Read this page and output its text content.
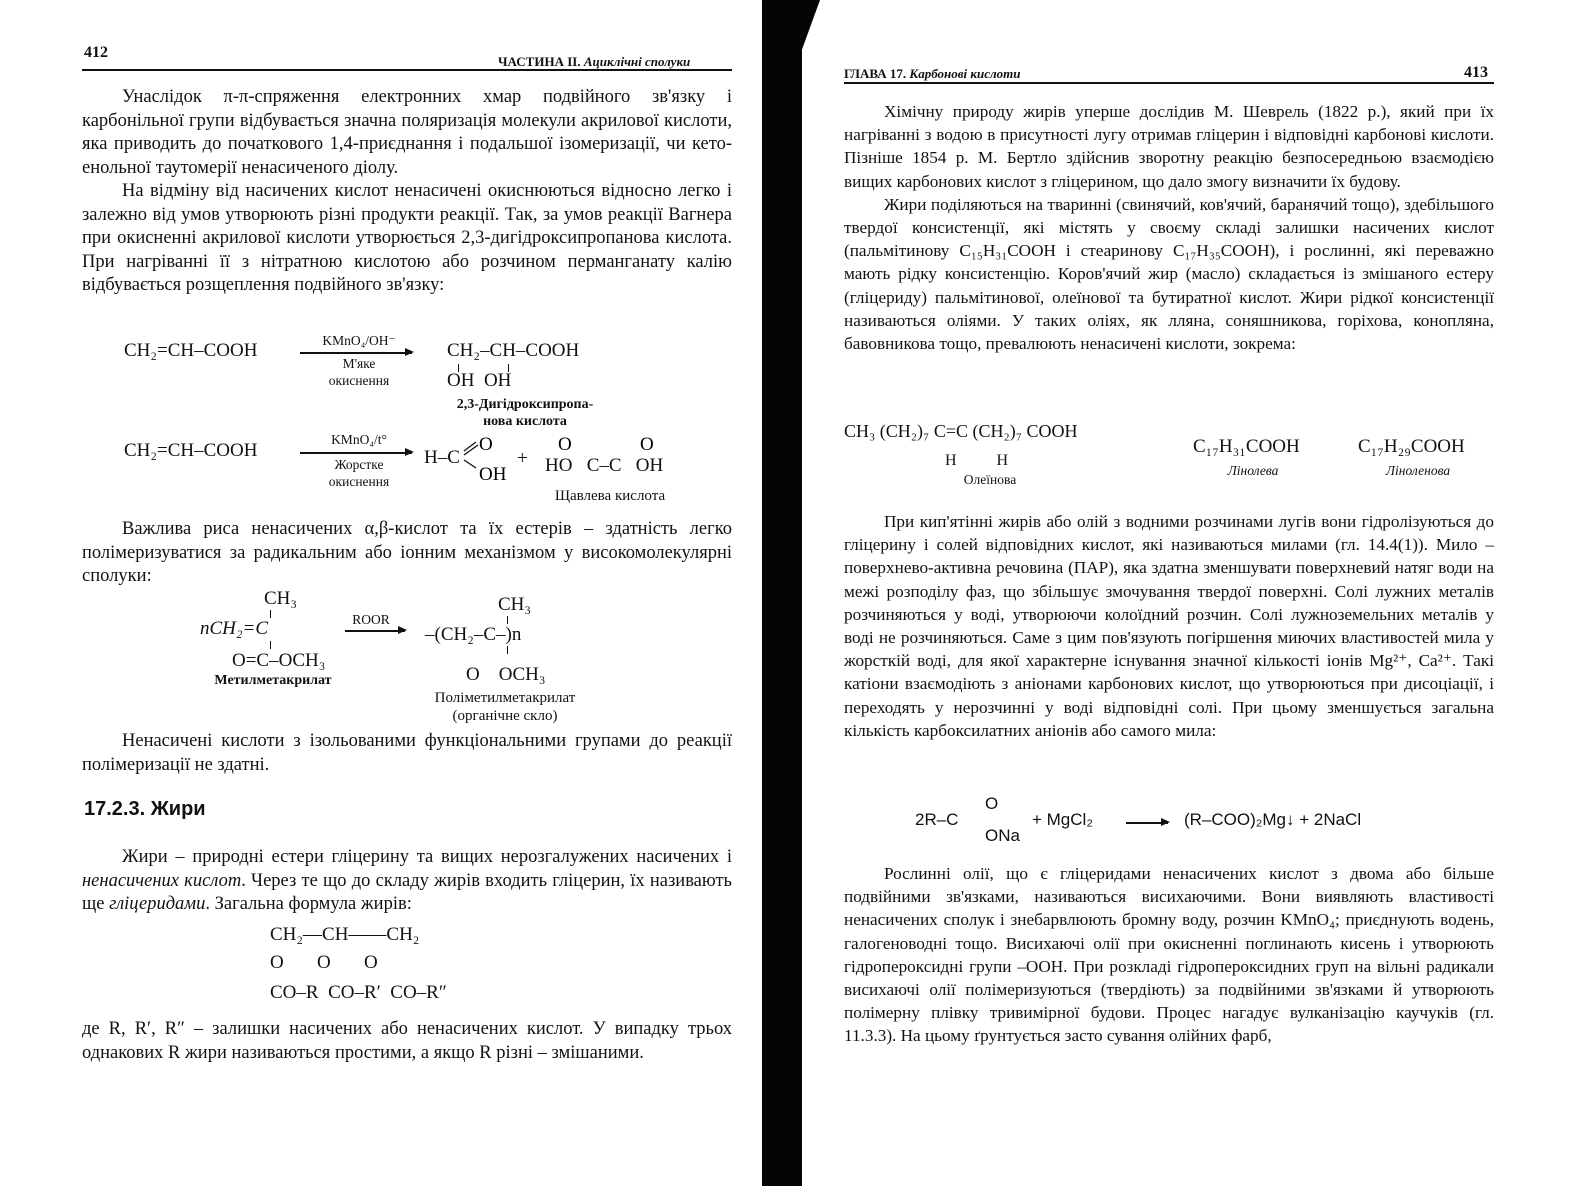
412
ЧАСТИНА ІІ. Ациклічні сполуки

Унаслідок π-π-спряження електронних хмар подвійного зв'язку і карбонільної групи відбувається значна поляризація молекули акрилової кислоти, яка приводить до початкового 1,4-приєднання і подальшої ізомеризації, чи кето-енольної таутомерії ненасиченого діолу.

На відміну від насичених кислот ненасичені окиснюються відносно легко і залежно від умов утворюють різні продукти реакції. Так, за умов реакції Вагнера при окисненні акрилової кислоти утворюється 2,3-дигідроксипропанова кислота. При нагріванні її з нітратною кислотою або розчином перманганату калію відбувається розщеплення подвійного зв'язку:

CH₂=CH–COOH	KMnO₄/OH⁻
М'яке
окиснення
CH₂–CH–COOH
OH  OH
2,3-Дигідроксипропа-
нова кислота
CH₂=CH–COOH
KMnO₄/t°
Жорстке
окиснення
H–C
O
OH
+ HO   C–C   OH
O	O
Щавлева кислота

Важлива риса ненасичених α,β-кислот та їх естерів – здатність легко полімеризуватися за радикальним або іонним механізмом у високомолекулярні сполуки:

CH₃
nCH₂=C
O=C–OCH₃
Метилметакрилат
ROOR
CH₃
–(CH₂–C–)n
O    OCH₃
Поліметилметакрилат
(органічне скло)

Ненасичені кислоти з ізольованими функціональними групами до реакції полімеризації не здатні.

17.2.3. Жири

Жири – природні естери гліцерину та вищих нерозгалужених насичених і ненасичених кислот. Через те що до складу жирів входить гліцерин, їх називають ще гліцеридами. Загальна формула жирів:

CH₂—CH——CH₂
O       O       O
CO–R  CO–R′  CO–R″

де R, R′, R″ – залишки насичених або ненасичених кислот. У випадку трьох однакових R жири називаються простими, а якщо R різні – змішаними.

ГЛАВА 17. Карбонові кислоти	413

Хімічну природу жирів уперше дослідив М. Шеврель (1822 р.), який при їх нагріванні з водою в присутності лугу отримав гліцерин і відповідні карбонові кислоти. Пізніше 1854 р. М. Бертло здійснив зворотну реакцію безпосередньою взаємодією вищих карбонових кислот з гліцерином, що дало змогу визначити їх будову.

Жири поділяються на тваринні (свинячий, ков'ячий, баранячий тощо), здебільшого твердої консистенції, які містять у своєму складі залишки насичених кислот (пальмітинову C₁₅H₃₁COOH і стеаринову C₁₇H₃₅COOH), і рослинні, які переважно мають рідку консистенцію. Коров'ячий жир (масло) складається із змішаного естеру (гліцериду) пальмітинової, олеїнової та бутиратної кислот. Жири рідкої консистенції називаються оліями. У таких оліях, як лляна, соняшникова, горіхова, конопляна, бавовникова тощо, превалюють ненасичені кислоти, зокрема:

CH₃ (CH₂)₇ C=C (CH₂)₇ COOH
H          H
Олеїнова
C₁₇H₃₁COOH
Лінолева
C₁₇H₂₉COOH
Ліноленова

При кип'ятінні жирів або олій з водними розчинами лугів вони гідролізуються до гліцерину і солей відповідних кислот, які називаються милами (гл. 14.4(1)). Мило – поверхнево-активна речовина (ПАР), яка здатна зменшувати поверхневий натяг води на межі розподілу фаз, що збільшує змочування твердої поверхні. Солі лужних металів розчиняються у воді, утворюючи колоїдний розчин. Солі лужноземельних металів у воді не розчиняються. Саме з цим пов'язують погіршення миючих властивостей мила у жорсткій воді, для якої характерне існування значної кількості іонів Mg²⁺, Ca²⁺. Такі катіони взаємодіють з аніонами карбонових кислот, що утворюються при дисоціації, і переходять у нерозчинні у воді відповідні солі. При цьому зменшується загальна кількість карбоксилатних аніонів або самого мила:

2R–C
O
ONa
+ MgCl₂ → (R–COO)₂Mg↓ + 2NaCl

Рослинні олії, що є гліцеридами ненасичених кислот з двома або більше подвійними зв'язками, називаються висихаючими. Вони виявляють властивості ненасичених сполук і знебарвлюють бромну воду, розчин KMnO₄; приєднують водень, галогеноводні тощо. Висихаючі олії при окисненні поглинають кисень і утворюють гідропероксидні групи –OOH. При розкладі гідропероксидних груп на вільні радикали висихаючі олії полімеризуються (твердіють) за подвійними зв'язками й утворюють полімерну плівку тривимірної будови. Процес нагадує вулканізацію каучуків (гл. 11.3.3). На цьому ґрунтується засто сування олійних фарб,
